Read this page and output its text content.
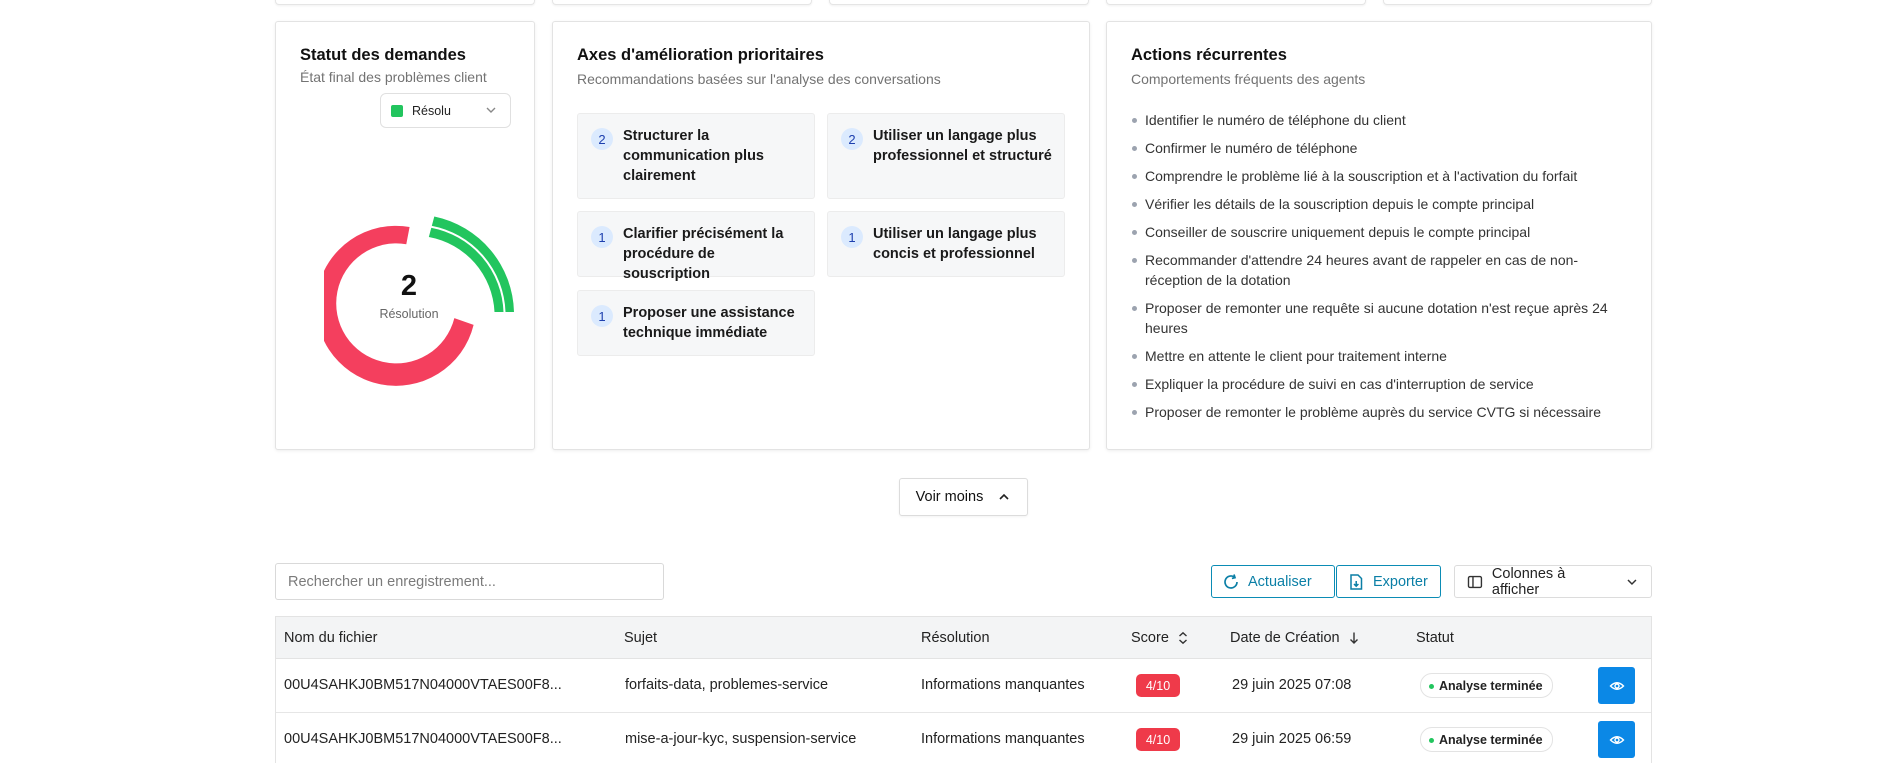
Statut des demandes
État final des problèmes client
Résolu
2
Résolution
Axes d'amélioration prioritaires
Recommandations basées sur l'analyse des conversations
2	Structurer la communication plus clairement
2	Utiliser un langage plus professionnel et structuré
1	Clarifier précisément la procédure de souscription
1	Utiliser un langage plus concis et professionnel
1	Proposer une assistance technique immédiate
Actions récurrentes
Comportements fréquents des agents
Identifier le numéro de téléphone du client
Confirmer le numéro de téléphone
Comprendre le problème lié à la souscription et à l'activation du forfait
Vérifier les détails de la souscription depuis le compte principal
Conseiller de souscrire uniquement depuis le compte principal
Recommander d'attendre 24 heures avant de rappeler en cas de non-réception de la dotation
Proposer de remonter une requête si aucune dotation n'est reçue après 24 heures
Mettre en attente le client pour traitement interne
Expliquer la procédure de suivi en cas d'interruption de service
Proposer de remonter le problème auprès du service CVTG si nécessaire
Voir moins
Rechercher un enregistrement...
Actualiser	Exporter	Colonnes à afficher
Nom du fichier	Sujet	Résolution	Score	Date de Création	Statut
00U4SAHKJ0BM517N04000VTAES00F8...	forfaits-data, problemes-service	Informations manquantes	4/10	29 juin 2025 07:08	Analyse terminée
00U4SAHKJ0BM517N04000VTAES00F8...	mise-a-jour-kyc, suspension-service	Informations manquantes	4/10	29 juin 2025 06:59	Analyse terminée
